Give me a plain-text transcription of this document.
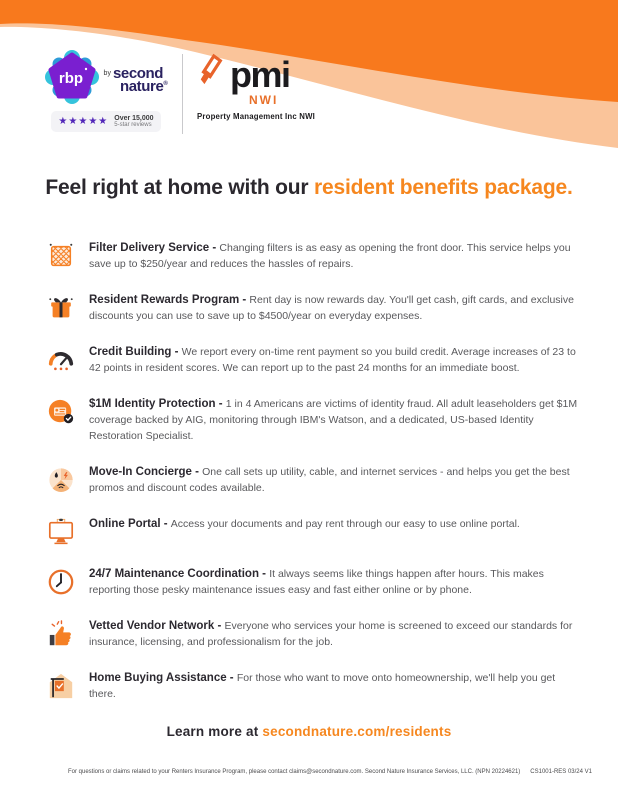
rbp	by second
nature®
★★★★★ Over 15,000
5-star reviews
pmi
NWI
Property Management Inc NWI
Feel right at home with our resident benefits package.

Filter Delivery Service - Changing filters is as easy as opening the front door. This service helps you save up to $250/year and reduces the hassles of repairs.

Resident Rewards Program - Rent day is now rewards day. You'll get cash, gift cards, and exclusive discounts you can use to save up to $4500/year on everyday expenses.

Credit Building - We report every on-time rent payment so you build credit. Average increases of 23 to 42 points in resident scores. We can report up to the past 24 months for an immediate boost.

$1M Identity Protection - 1 in 4 Americans are victims of identity fraud. All adult leaseholders get $1M coverage backed by AIG, monitoring through IBM's Watson, and a dedicated, US-based Identity Restoration Specialist.

Move-In Concierge - One call sets up utility, cable, and internet services - and helps you get the best promos and discount codes available.

Online Portal - Access your documents and pay rent through our easy to use online portal.

24/7 Maintenance Coordination - It always seems like things happen after hours. This makes reporting those pesky maintenance issues easy and fast either online or by phone.

Vetted Vendor Network - Everyone who services your home is screened to exceed our standards for insurance, licensing, and professionalism for the job.

Home Buying Assistance - For those who want to move onto homeownership, we'll help you get there.

Learn more at secondnature.com/residents
For questions or claims related to your Renters Insurance Program, please contact claims@secondnature.com. Second Nature Insurance Services, LLC. (NPN 20224621) CS1001-RES 03/24 V1
